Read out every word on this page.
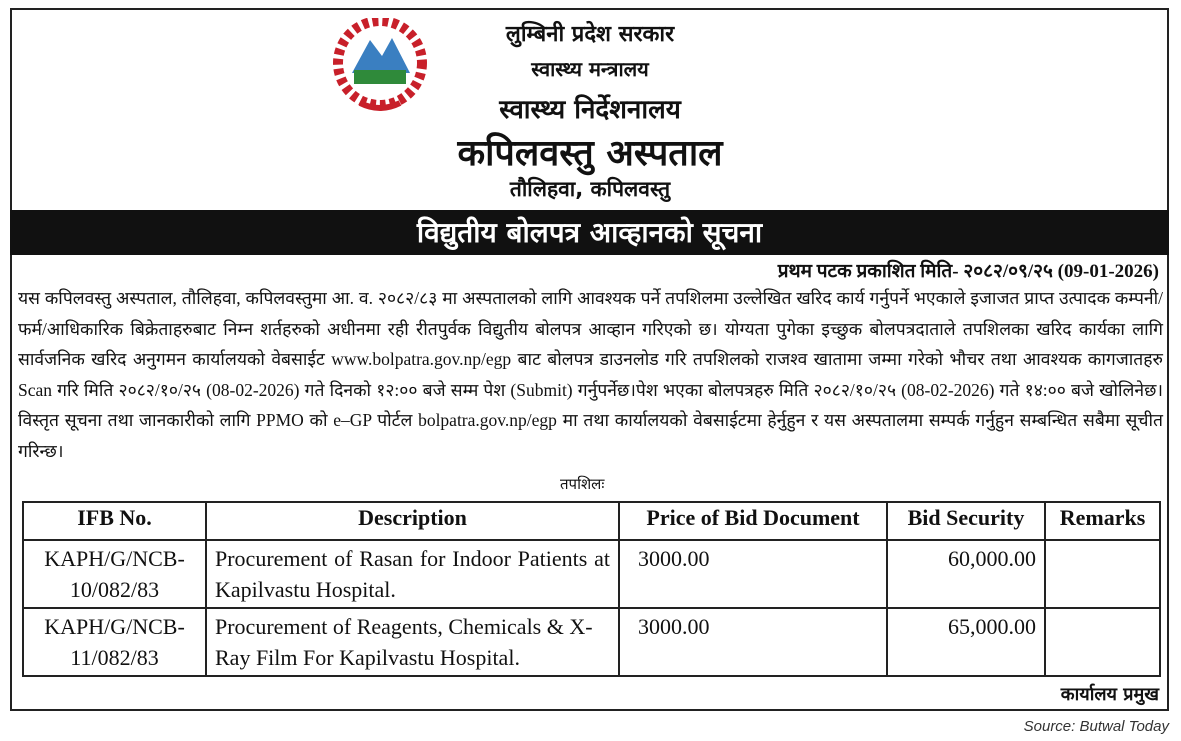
लुम्बिनी प्रदेश सरकार
स्वास्थ्य मन्त्रालय
स्वास्थ्य निर्देशनालय
कपिलवस्तु अस्पताल
तौलिहवा, कपिलवस्तु
विद्युतीय बोलपत्र आव्हानको सूचना
प्रथम पटक प्रकाशित मिति- २०८२/०९/२५ (09-01-2026)
यस कपिलवस्तु अस्पताल, तौलिहवा, कपिलवस्तुमा आ. व. २०८२/८३ मा अस्पतालको लागि आवश्यक पर्ने तपशिलमा उल्लेखित खरिद कार्य गर्नुपर्ने भएकाले इजाजत प्राप्त उत्पादक कम्पनी/फर्म/आधिकारिक बिक्रेताहरुबाट निम्न शर्तहरुको अधीनमा रही रीतपुर्वक विद्युतीय बोलपत्र आव्हान गरिएको छ। योग्यता पुगेका इच्छुक बोलपत्रदाताले तपशिलका खरिद कार्यका लागि सार्वजनिक खरिद अनुगमन कार्यालयको वेबसाईट www.bolpatra.gov.np/egp बाट बोलपत्र डाउनलोड गरि तपशिलको राजश्व खातामा जम्मा गरेको भौचर तथा आवश्यक कागजातहरु Scan गरि मिति २०८२/१०/२५ (08-02-2026) गते दिनको १२:०० बजे सम्म पेश (Submit) गर्नुपर्नेछ।पेश भएका बोलपत्रहरु मिति २०८२/१०/२५ (08-02-2026) गते १४:०० बजे खोलिनेछ। विस्तृत सूचना तथा जानकारीको लागि PPMO को e–GP पोर्टल bolpatra.gov.np/egp मा तथा कार्यालयको वेबसाईटमा हेर्नुहुन र यस अस्पतालमा सम्पर्क गर्नुहुन सम्बन्धित सबैमा सूचीत गरिन्छ।
तपशिलः
IFB No.	Description	Price of Bid Document	Bid Security	Remarks
KAPH/G/NCB-10/082/83	Procurement of Rasan for Indoor Patients at Kapilvastu Hospital.	3000.00	60,000.00	
KAPH/G/NCB-11/082/83	Procurement of Reagents, Chemicals & X-Ray Film For Kapilvastu Hospital.	3000.00	65,000.00	
कार्यालय प्रमुख
Source: Butwal Today
